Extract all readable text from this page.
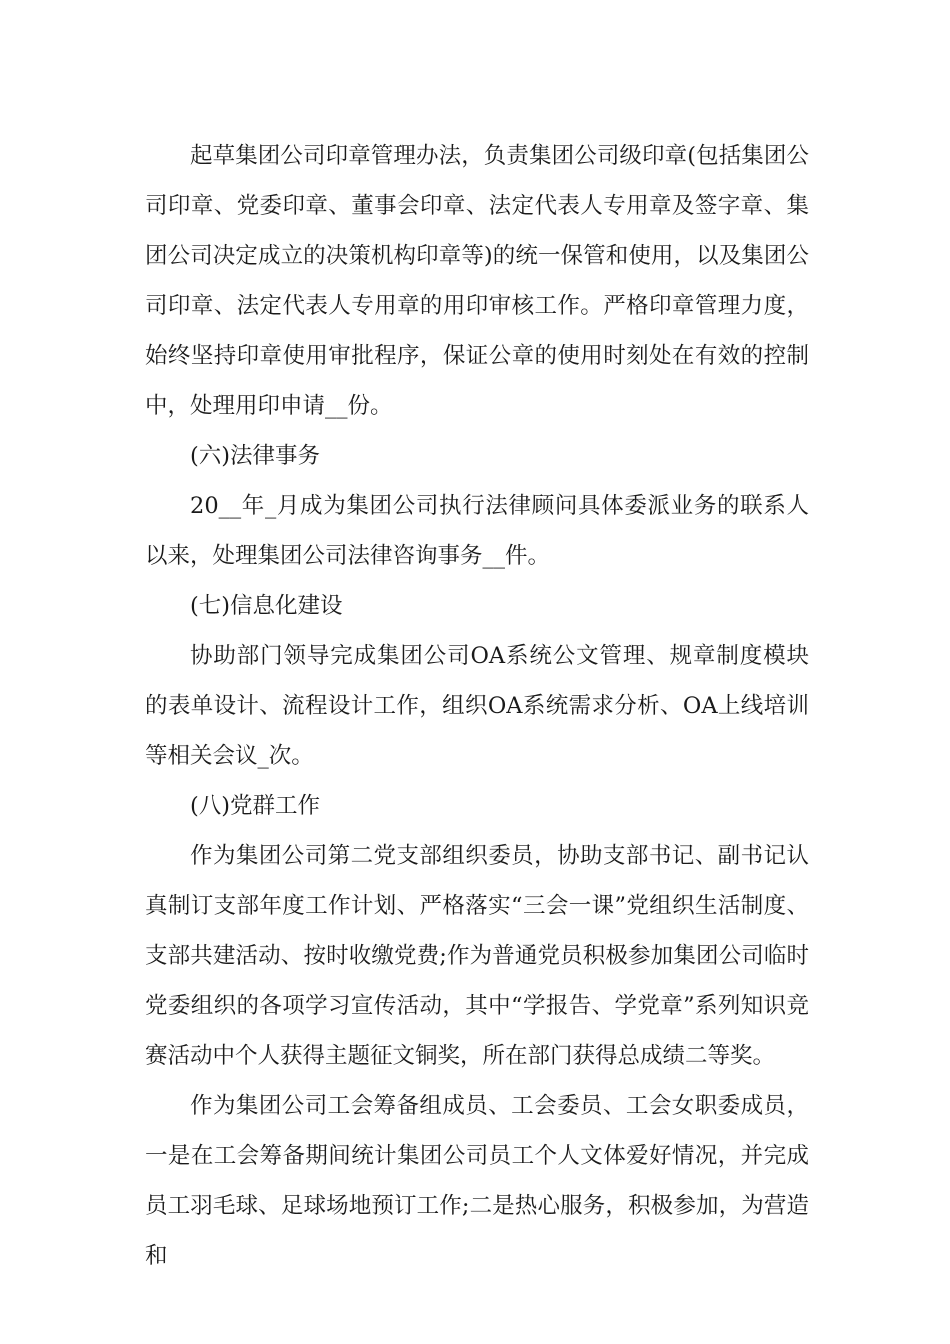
起草集团公司印章管理办法，负责集团公司级印章(包括集团公司印章、党委印章、董事会印章、法定代表人专用章及签字章、集团公司决定成立的决策机构印章等)的统一保管和使用，以及集团公司印章、法定代表人专用章的用印审核工作。严格印章管理力度，始终坚持印章使用审批程序，保证公章的使用时刻处在有效的控制中，处理用印申请__份。

(六)法律事务

20__年_月成为集团公司执行法律顾问具体委派业务的联系人以来，处理集团公司法律咨询事务__件。

(七)信息化建设

协助部门领导完成集团公司OA系统公文管理、规章制度模块的表单设计、流程设计工作，组织OA系统需求分析、OA上线培训等相关会议_次。

(八)党群工作

作为集团公司第二党支部组织委员，协助支部书记、副书记认真制订支部年度工作计划、严格落实“三会一课”党组织生活制度、支部共建活动、按时收缴党费;作为普通党员积极参加集团公司临时党委组织的各项学习宣传活动，其中“学报告、学党章”系列知识竞赛活动中个人获得主题征文铜奖，所在部门获得总成绩二等奖。

作为集团公司工会筹备组成员、工会委员、工会女职委成员，一是在工会筹备期间统计集团公司员工个人文体爱好情况，并完成员工羽毛球、足球场地预订工作;二是热心服务，积极参加，为营造和
